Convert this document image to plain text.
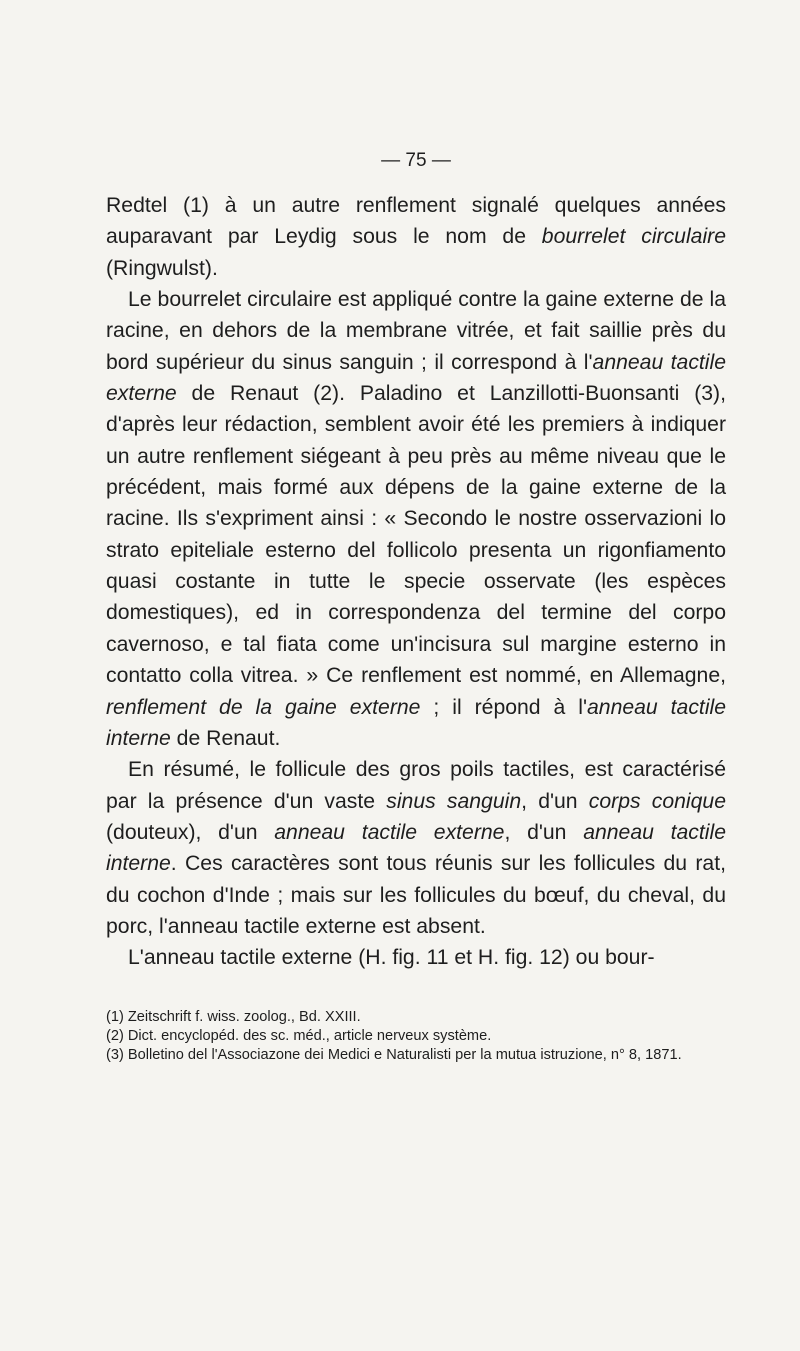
— 75 —

Redtel (1) à un autre renflement signalé quelques années auparavant par Leydig sous le nom de bourrelet circulaire (Ringwulst).

Le bourrelet circulaire est appliqué contre la gaine externe de la racine, en dehors de la membrane vitrée, et fait saillie près du bord supérieur du sinus sanguin ; il correspond à l'anneau tactile externe de Renaut (2). Paladino et Lanzillotti-Buonsanti (3), d'après leur rédaction, semblent avoir été les premiers à indiquer un autre renflement siégeant à peu près au même niveau que le précédent, mais formé aux dépens de la gaine externe de la racine. Ils s'expriment ainsi : « Secondo le nostre osservazioni lo strato epiteliale esterno del follicolo presenta un rigonfiamento quasi costante in tutte le specie osservate (les espèces domestiques), ed in correspondenza del termine del corpo cavernoso, e tal fiata come un'incisura sul margine esterno in contatto colla vitrea. » Ce renflement est nommé, en Allemagne, renflement de la gaine externe ; il répond à l'anneau tactile interne de Renaut.

En résumé, le follicule des gros poils tactiles, est caractérisé par la présence d'un vaste sinus sanguin, d'un corps conique (douteux), d'un anneau tactile externe, d'un anneau tactile interne. Ces caractères sont tous réunis sur les follicules du rat, du cochon d'Inde ; mais sur les follicules du bœuf, du cheval, du porc, l'anneau tactile externe est absent.

L'anneau tactile externe (H. fig. 11 et H. fig. 12) ou bour-

(1) Zeitschrift f. wiss. zoolog., Bd. XXIII.

(2) Dict. encyclopéd. des sc. méd., article nerveux système.

(3) Bolletino del l'Associazone dei Medici e Naturalisti per la mutua istruzione, n° 8, 1871.
